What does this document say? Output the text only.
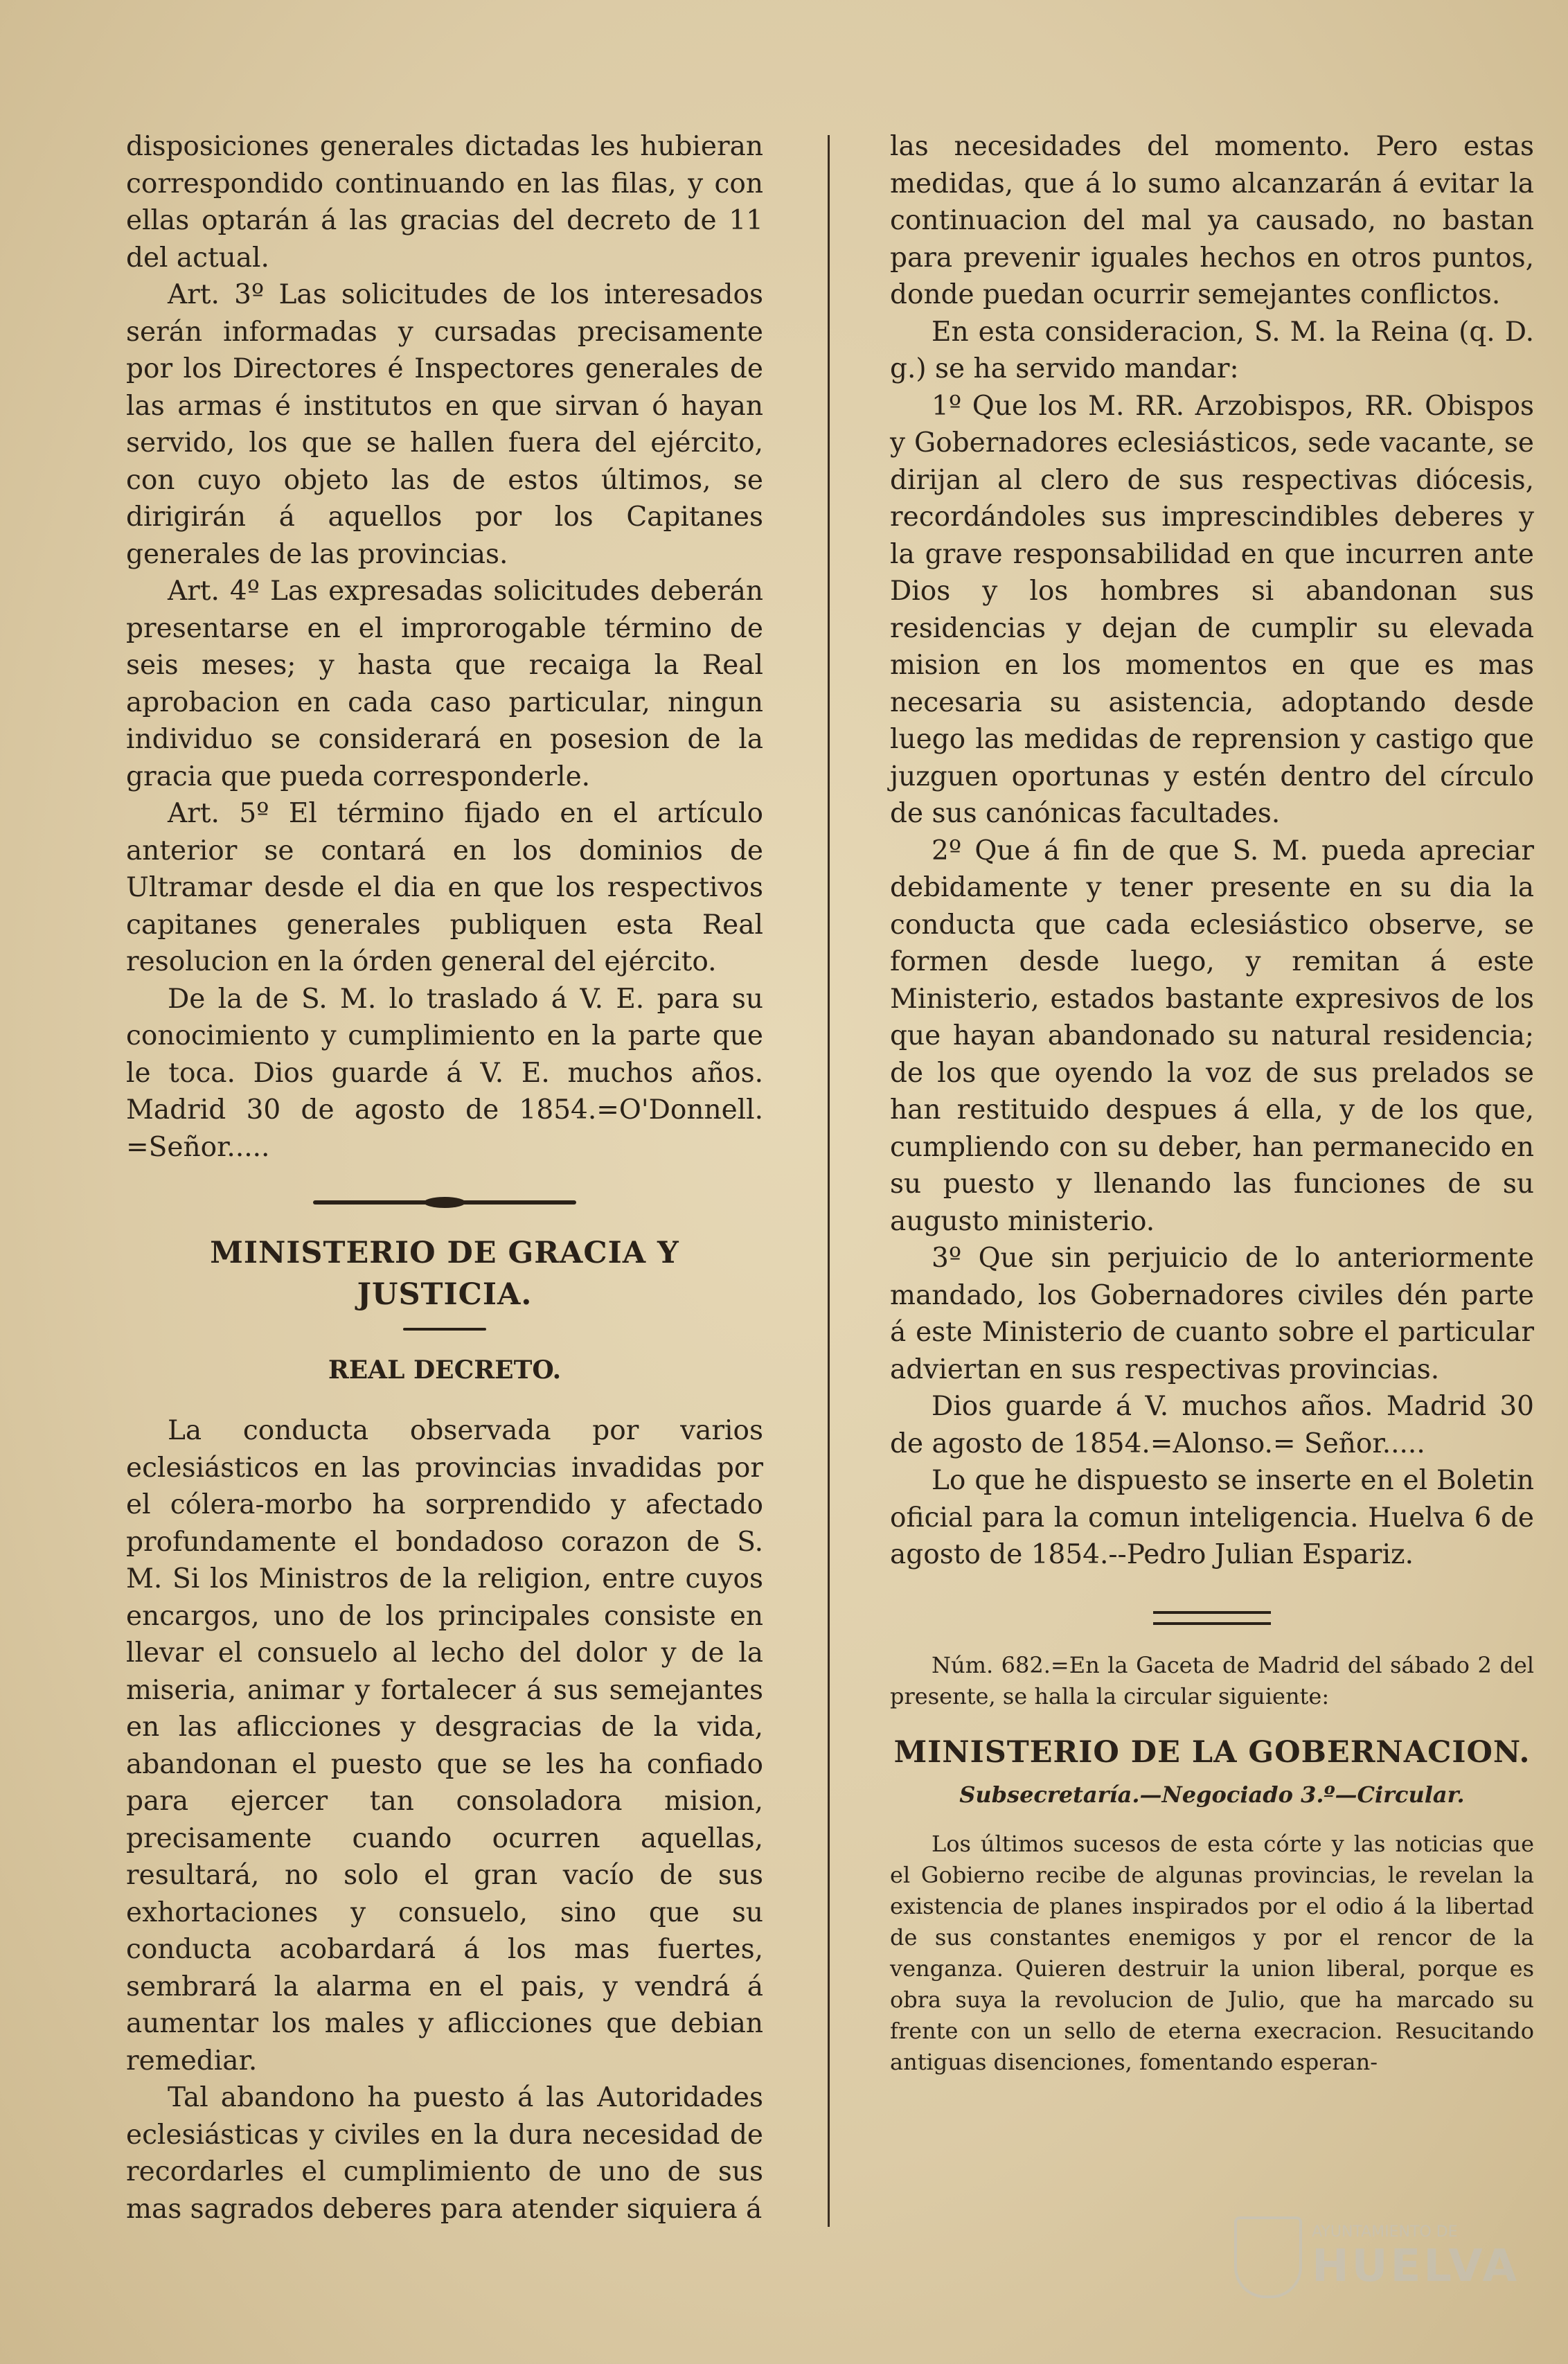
disposiciones generales dictadas les hubieran correspondido continuando en las filas, y con ellas optarán á las gracias del decreto de 11 del actual.

Art. 3º Las solicitudes de los interesados serán informadas y cursadas precisamente por los Directores é Inspectores generales de las armas é institutos en que sirvan ó hayan servido, los que se hallen fuera del ejército, con cuyo objeto las de estos últimos, se dirigirán á aquellos por los Capitanes generales de las provincias.

Art. 4º Las expresadas solicitudes deberán presentarse en el improrogable término de seis meses; y hasta que recaiga la Real aprobacion en cada caso particular, ningun individuo se considerará en posesion de la gracia que pueda corresponderle.

Art. 5º El término fijado en el artículo anterior se contará en los dominios de Ultramar desde el dia en que los respectivos capitanes generales publiquen esta Real resolucion en la órden general del ejército.

De la de S. M. lo traslado á V. E. para su conocimiento y cumplimiento en la parte que le toca. Dios guarde á V. E. muchos años. Madrid 30 de agosto de 1854.=O'Donnell. =Señor.....

MINISTERIO DE GRACIA Y JUSTICIA.
REAL DECRETO.

La conducta observada por varios eclesiásticos en las provincias invadidas por el cólera-morbo ha sorprendido y afectado profundamente el bondadoso corazon de S. M. Si los Ministros de la religion, entre cuyos encargos, uno de los principales consiste en llevar el consuelo al lecho del dolor y de la miseria, animar y fortalecer á sus semejantes en las aflicciones y desgracias de la vida, abandonan el puesto que se les ha confiado para ejercer tan consoladora mision, precisamente cuando ocurren aquellas, resultará, no solo el gran vacío de sus exhortaciones y consuelo, sino que su conducta acobardará á los mas fuertes, sembrará la alarma en el pais, y vendrá á aumentar los males y aflicciones que debian remediar.

Tal abandono ha puesto á las Autoridades eclesiásticas y civiles en la dura necesidad de recordarles el cumplimiento de uno de sus mas sagrados deberes para atender siquiera á

las necesidades del momento. Pero estas medidas, que á lo sumo alcanzarán á evitar la continuacion del mal ya causado, no bastan para prevenir iguales hechos en otros puntos, donde puedan ocurrir semejantes conflictos.

En esta consideracion, S. M. la Reina (q. D. g.) se ha servido mandar:

1º Que los M. RR. Arzobispos, RR. Obispos y Gobernadores eclesiásticos, sede vacante, se dirijan al clero de sus respectivas diócesis, recordándoles sus imprescindibles deberes y la grave responsabilidad en que incurren ante Dios y los hombres si abandonan sus residencias y dejan de cumplir su elevada mision en los momentos en que es mas necesaria su asistencia, adoptando desde luego las medidas de reprension y castigo que juzguen oportunas y estén dentro del círculo de sus canónicas facultades.

2º Que á fin de que S. M. pueda apreciar debidamente y tener presente en su dia la conducta que cada eclesiástico observe, se formen desde luego, y remitan á este Ministerio, estados bastante expresivos de los que hayan abandonado su natural residencia; de los que oyendo la voz de sus prelados se han restituido despues á ella, y de los que, cumpliendo con su deber, han permanecido en su puesto y llenando las funciones de su augusto ministerio.

3º Que sin perjuicio de lo anteriormente mandado, los Gobernadores civiles dén parte á este Ministerio de cuanto sobre el particular adviertan en sus respectivas provincias.

Dios guarde á V. muchos años. Madrid 30 de agosto de 1854.=Alonso.= Señor.....

Lo que he dispuesto se inserte en el Boletin oficial para la comun inteligencia. Huelva 6 de agosto de 1854.--Pedro Julian Espariz.

Núm. 682.=En la Gaceta de Madrid del sábado 2 del presente, se halla la circular siguiente:

MINISTERIO DE LA GOBERNACION.

Subsecretaría.—Negociado 3.º—Circular.

Los últimos sucesos de esta córte y las noticias que el Gobierno recibe de algunas provincias, le revelan la existencia de planes inspirados por el odio á la libertad de sus constantes enemigos y por el rencor de la venganza. Quieren destruir la union liberal, porque es obra suya la revolucion de Julio, que ha marcado su frente con un sello de eterna execracion. Resucitando antiguas disenciones, fomentando esperan-

AYUNTAMIENTO DE
HUELVA
